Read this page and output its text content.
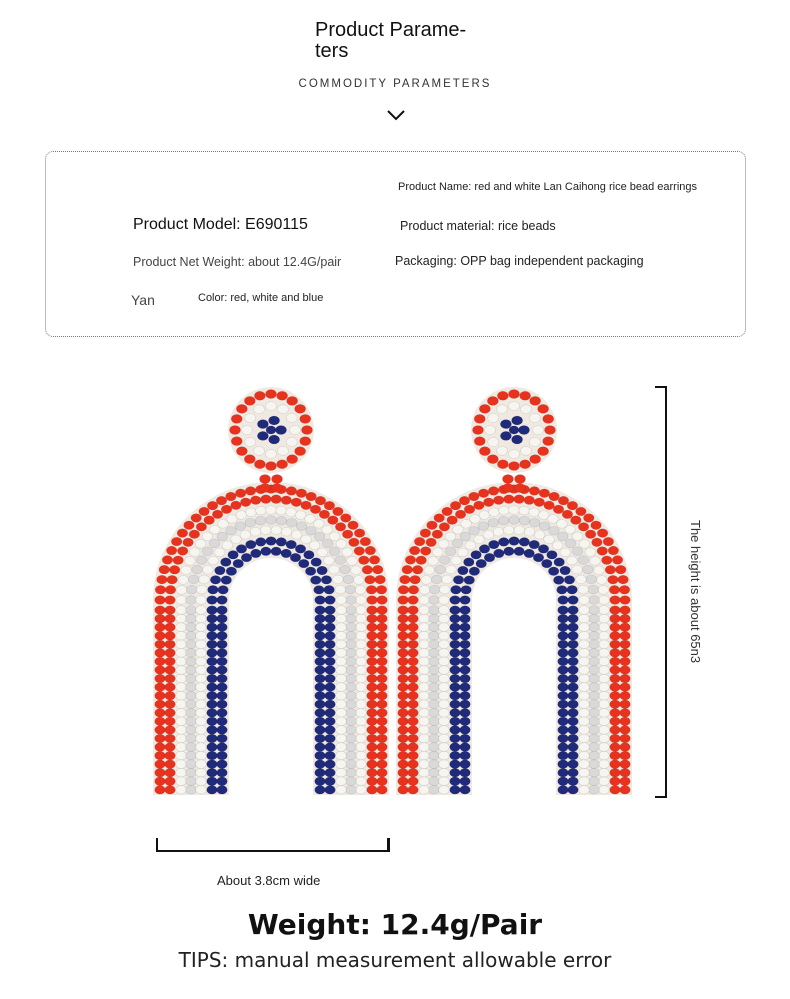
Product Parame-ters
COMMODITY PARAMETERS
Product Name: red and white Lan Caihong rice bead earrings
Product Model: E690115	Product material: rice beads
Product Net Weight: about 12.4G/pair	Packaging: OPP bag independent packaging
Yan	Color: red, white and blue
The height is about 65n3
About 3.8cm wide
Weight: 12.4g/Pair
TIPS: manual measurement allowable error
